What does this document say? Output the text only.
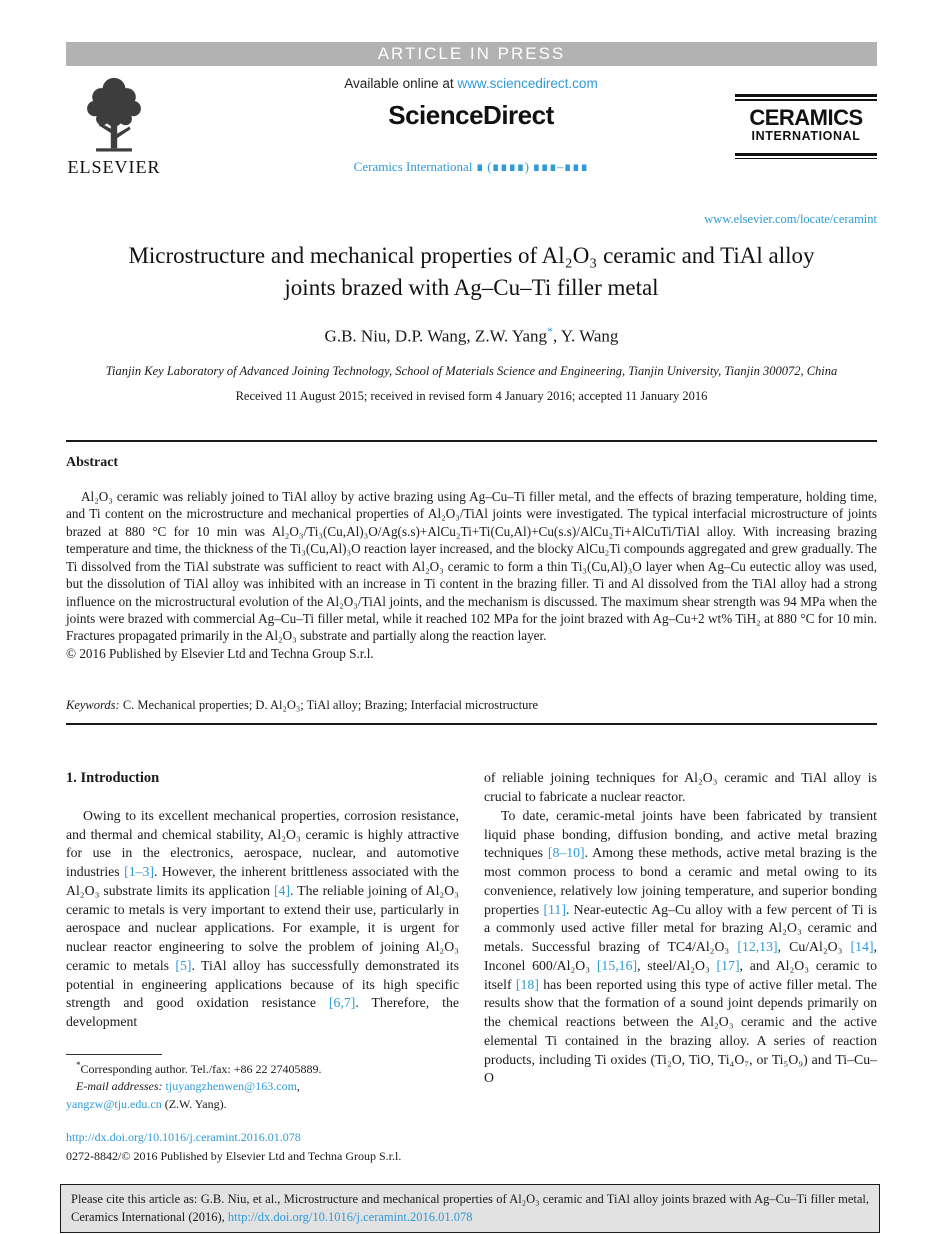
ARTICLE IN PRESS
ELSEVIER
Available online at www.sciencedirect.com
ScienceDirect
Ceramics International ∎ (∎∎∎∎) ∎∎∎–∎∎∎
CERAMICS
INTERNATIONAL
www.elsevier.com/locate/ceramint
Microstructure and mechanical properties of Al₂O₃ ceramic and TiAl alloy
joints brazed with Ag–Cu–Ti filler metal
G.B. Niu, D.P. Wang, Z.W. Yang*, Y. Wang
Tianjin Key Laboratory of Advanced Joining Technology, School of Materials Science and Engineering, Tianjin University, Tianjin 300072, China
Received 11 August 2015; received in revised form 4 January 2016; accepted 11 January 2016
Abstract

Al₂O₃ ceramic was reliably joined to TiAl alloy by active brazing using Ag–Cu–Ti filler metal, and the effects of brazing temperature, holding time, and Ti content on the microstructure and mechanical properties of Al₂O₃/TiAl joints were investigated. The typical interfacial microstructure of joints brazed at 880 °C for 10 min was Al₂O₃/Ti₃(Cu,Al)₃O/Ag(s.s)+AlCu₂Ti+Ti(Cu,Al)+Cu(s.s)/AlCu₂Ti+AlCuTi/TiAl alloy. With increasing brazing temperature and time, the thickness of the Ti₃(Cu,Al)₃O reaction layer increased, and the blocky AlCu₂Ti compounds aggregated and grew gradually. The Ti dissolved from the TiAl substrate was sufficient to react with Al₂O₃ ceramic to form a thin Ti₃(Cu,Al)₃O layer when Ag–Cu eutectic alloy was used, but the dissolution of TiAl alloy was inhibited with an increase in Ti content in the brazing filler. Ti and Al dissolved from the TiAl alloy had a strong influence on the microstructural evolution of the Al₂O₃/TiAl joints, and the mechanism is discussed. The maximum shear strength was 94 MPa when the joints were brazed with commercial Ag–Cu–Ti filler metal, while it reached 102 MPa for the joint brazed with Ag–Cu+2 wt% TiH₂ at 880 °C for 10 min. Fractures propagated primarily in the Al₂O₃ substrate and partially along the reaction layer.

© 2016 Published by Elsevier Ltd and Techna Group S.r.l.

Keywords: C. Mechanical properties; D. Al₂O₃; TiAl alloy; Brazing; Interfacial microstructure

1. Introduction

Owing to its excellent mechanical properties, corrosion resistance, and thermal and chemical stability, Al₂O₃ ceramic is highly attractive for use in the electronics, aerospace, nuclear, and automotive industries [1–3]. However, the inherent brittleness associated with the Al₂O₃ substrate limits its application [4]. The reliable joining of Al₂O₃ ceramic to metals is very important to extend their use, particularly in aerospace and nuclear applications. For example, it is urgent for nuclear reactor engineering to solve the problem of joining Al₂O₃ ceramic to metals [5]. TiAl alloy has successfully demonstrated its potential in engineering applications because of its high specific strength and good oxidation resistance [6,7]. Therefore, the development

*Corresponding author. Tel./fax: +86 22 27405889.
E-mail addresses: tjuyangzhenwen@163.com,
yangzw@tju.edu.cn (Z.W. Yang).
http://dx.doi.org/10.1016/j.ceramint.2016.01.078
0272-8842/© 2016 Published by Elsevier Ltd and Techna Group S.r.l.

of reliable joining techniques for Al₂O₃ ceramic and TiAl alloy is crucial to fabricate a nuclear reactor.

To date, ceramic-metal joints have been fabricated by transient liquid phase bonding, diffusion bonding, and active metal brazing techniques [8–10]. Among these methods, active metal brazing is the most common process to bond a ceramic and metal owing to its convenience, relatively low joining temperature, and superior bonding properties [11]. Near-eutectic Ag–Cu alloy with a few percent of Ti is a commonly used active filler metal for brazing Al₂O₃ ceramic and metals. Successful brazing of TC4/Al₂O₃ [12,13], Cu/Al₂O₃ [14], Inconel 600/Al₂O₃ [15,16], steel/Al₂O₃ [17], and Al₂O₃ ceramic to itself [18] has been reported using this type of active filler metal. The results show that the formation of a sound joint depends primarily on the chemical reactions between the Al₂O₃ ceramic and the active elemental Ti contained in the brazing alloy. A series of reaction products, including Ti oxides (Ti₂O, TiO, Ti₄O₇, or Ti₅O₉) and Ti–Cu–O

Please cite this article as: G.B. Niu, et al., Microstructure and mechanical properties of Al₂O₃ ceramic and TiAl alloy joints brazed with Ag–Cu–Ti filler metal, Ceramics International (2016), http://dx.doi.org/10.1016/j.ceramint.2016.01.078
